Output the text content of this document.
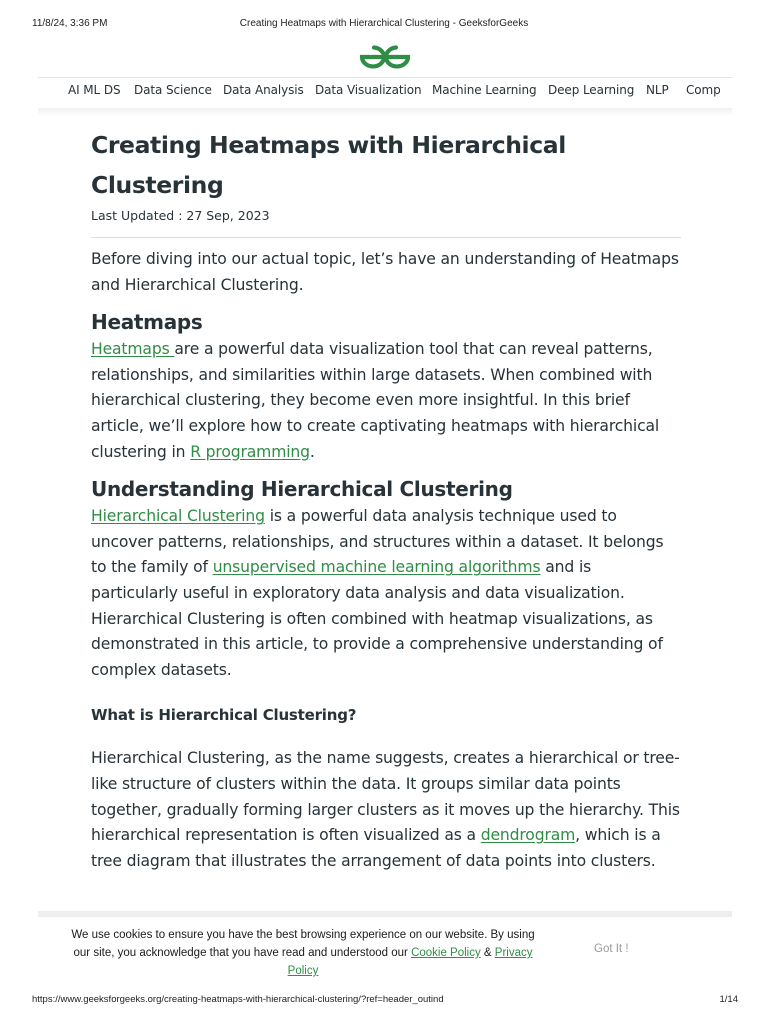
11/8/24, 3:36 PM	Creating Heatmaps with Hierarchical Clustering - GeeksforGeeks
AI ML DS Data Science Data Analysis Data Visualization Machine Learning Deep Learning NLP Comp
Creating Heatmaps with Hierarchical Clustering
Last Updated : 27 Sep, 2023

Before diving into our actual topic, let’s have an understanding of Heatmaps and Hierarchical Clustering.

Heatmaps

Heatmaps are a powerful data visualization tool that can reveal patterns, relationships, and similarities within large datasets. When combined with hierarchical clustering, they become even more insightful. In this brief article, we’ll explore how to create captivating heatmaps with hierarchical clustering in R programming.

Understanding Hierarchical Clustering

Hierarchical Clustering is a powerful data analysis technique used to uncover patterns, relationships, and structures within a dataset. It belongs to the family of unsupervised machine learning algorithms and is particularly useful in exploratory data analysis and data visualization. Hierarchical Clustering is often combined with heatmap visualizations, as demonstrated in this article, to provide a comprehensive understanding of complex datasets.

What is Hierarchical Clustering?

Hierarchical Clustering, as the name suggests, creates a hierarchical or tree-like structure of clusters within the data. It groups similar data points together, gradually forming larger clusters as it moves up the hierarchy. This hierarchical representation is often visualized as a dendrogram, which is a tree diagram that illustrates the arrangement of data points into clusters.

We use cookies to ensure you have the best browsing experience on our website. By using our site, you acknowledge that you have read and understood our Cookie Policy & Privacy Policy
Got It !
https://www.geeksforgeeks.org/creating-heatmaps-with-hierarchical-clustering/?ref=header_outind	1/14
